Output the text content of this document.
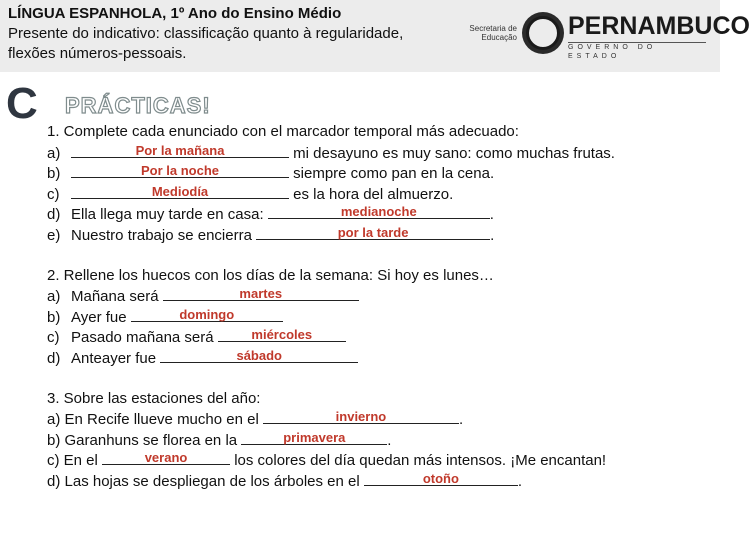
LÍNGUA ESPANHOLA, 1º Ano do Ensino Médio
Presente do indicativo: classificação quanto à regularidade,
flexões números-pessoais.
Secretaria de Educação PERNAMBUCO
GOVERNO DO ESTADO
C PRÁCTICAS!
1. Complete cada enunciado con el marcador temporal más adecuado:
a)	Por la mañana	mi desayuno es muy sano: como muchas frutas.
b)	Por la noche	siempre como pan en la cena.
c)	Mediodía	es la hora del almuerzo.
d) Ella llega muy tarde en casa:	medianoche	.
e) Nuestro trabajo se encierra	por la tarde	.
2. Rellene los huecos con los días de la semana: Si hoy es lunes…
a) Mañana será	martes
b) Ayer fue	domingo
c) Pasado mañana será	miércoles
d) Anteayer fue	sábado
3. Sobre las estaciones del año:
a) En Recife llueve mucho en el	invierno	.
b) Garanhuns se florea en la	primavera	.
c) En el	verano	los colores del día quedan más intensos. ¡Me encantan!
d) Las hojas se despliegan de los árboles en el	otoño	.
